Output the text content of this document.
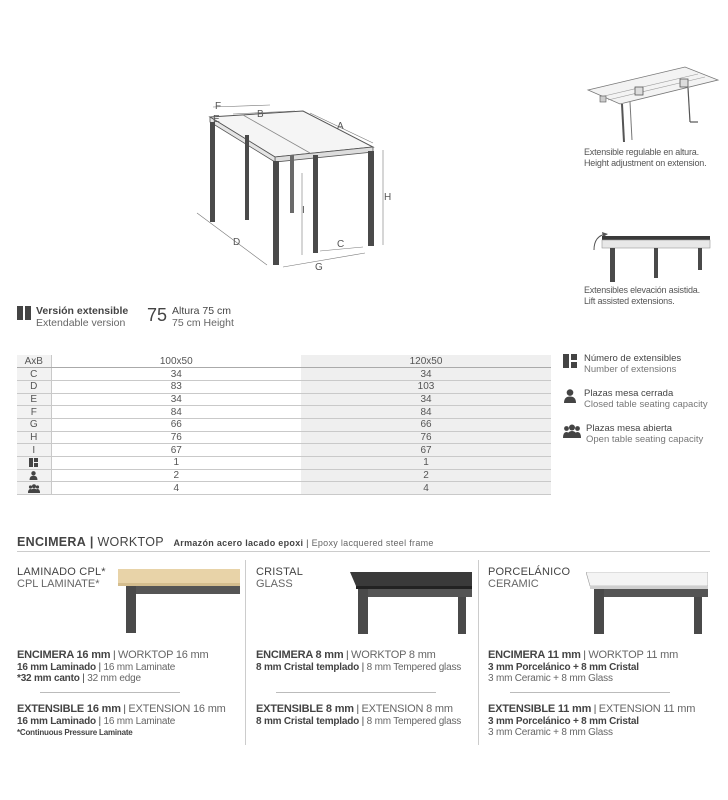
F
E	B
A
H
I
D	C
G
Extensible regulable en altura.
Height adjustment on extension.
Extensibles elevación asistida.
Lift assisted extensions.
Versión extensible
Extendable version 75 Altura 75 cm
75 cm Height
AxB	100x50	120x50
C	34	34
D	83	103
E	34	34
F	84	84
G	66	66
H	76	76
I	67	67
	1	1
	2	2
	4	4
Número de extensibles
Number of extensions
Plazas mesa cerrada
Closed table seating capacity
Plazas mesa abierta
Open table seating capacity
ENCIMERA | WORKTOP Armazón acero lacado epoxi | Epoxy lacquered steel frame
LAMINADO CPL*
CPL LAMINATE*
ENCIMERA 16 mm | WORKTOP 16 mm
16 mm Laminado | 16 mm Laminate
*32 mm canto | 32 mm edge
EXTENSIBLE 16 mm | EXTENSION 16 mm
16 mm Laminado | 16 mm Laminate
*Continuous Pressure Laminate
CRISTAL
GLASS
ENCIMERA 8 mm | WORKTOP 8 mm
8 mm Cristal templado | 8 mm Tempered glass
EXTENSIBLE 8 mm | EXTENSION 8 mm
8 mm Cristal templado | 8 mm Tempered glass
PORCELÁNICO
CERAMIC
ENCIMERA 11 mm | WORKTOP 11 mm
3 mm Porcelánico + 8 mm Cristal
3 mm Ceramic + 8 mm Glass
EXTENSIBLE 11 mm | EXTENSION 11 mm
3 mm Porcelánico + 8 mm Cristal
3 mm Ceramic + 8 mm Glass
